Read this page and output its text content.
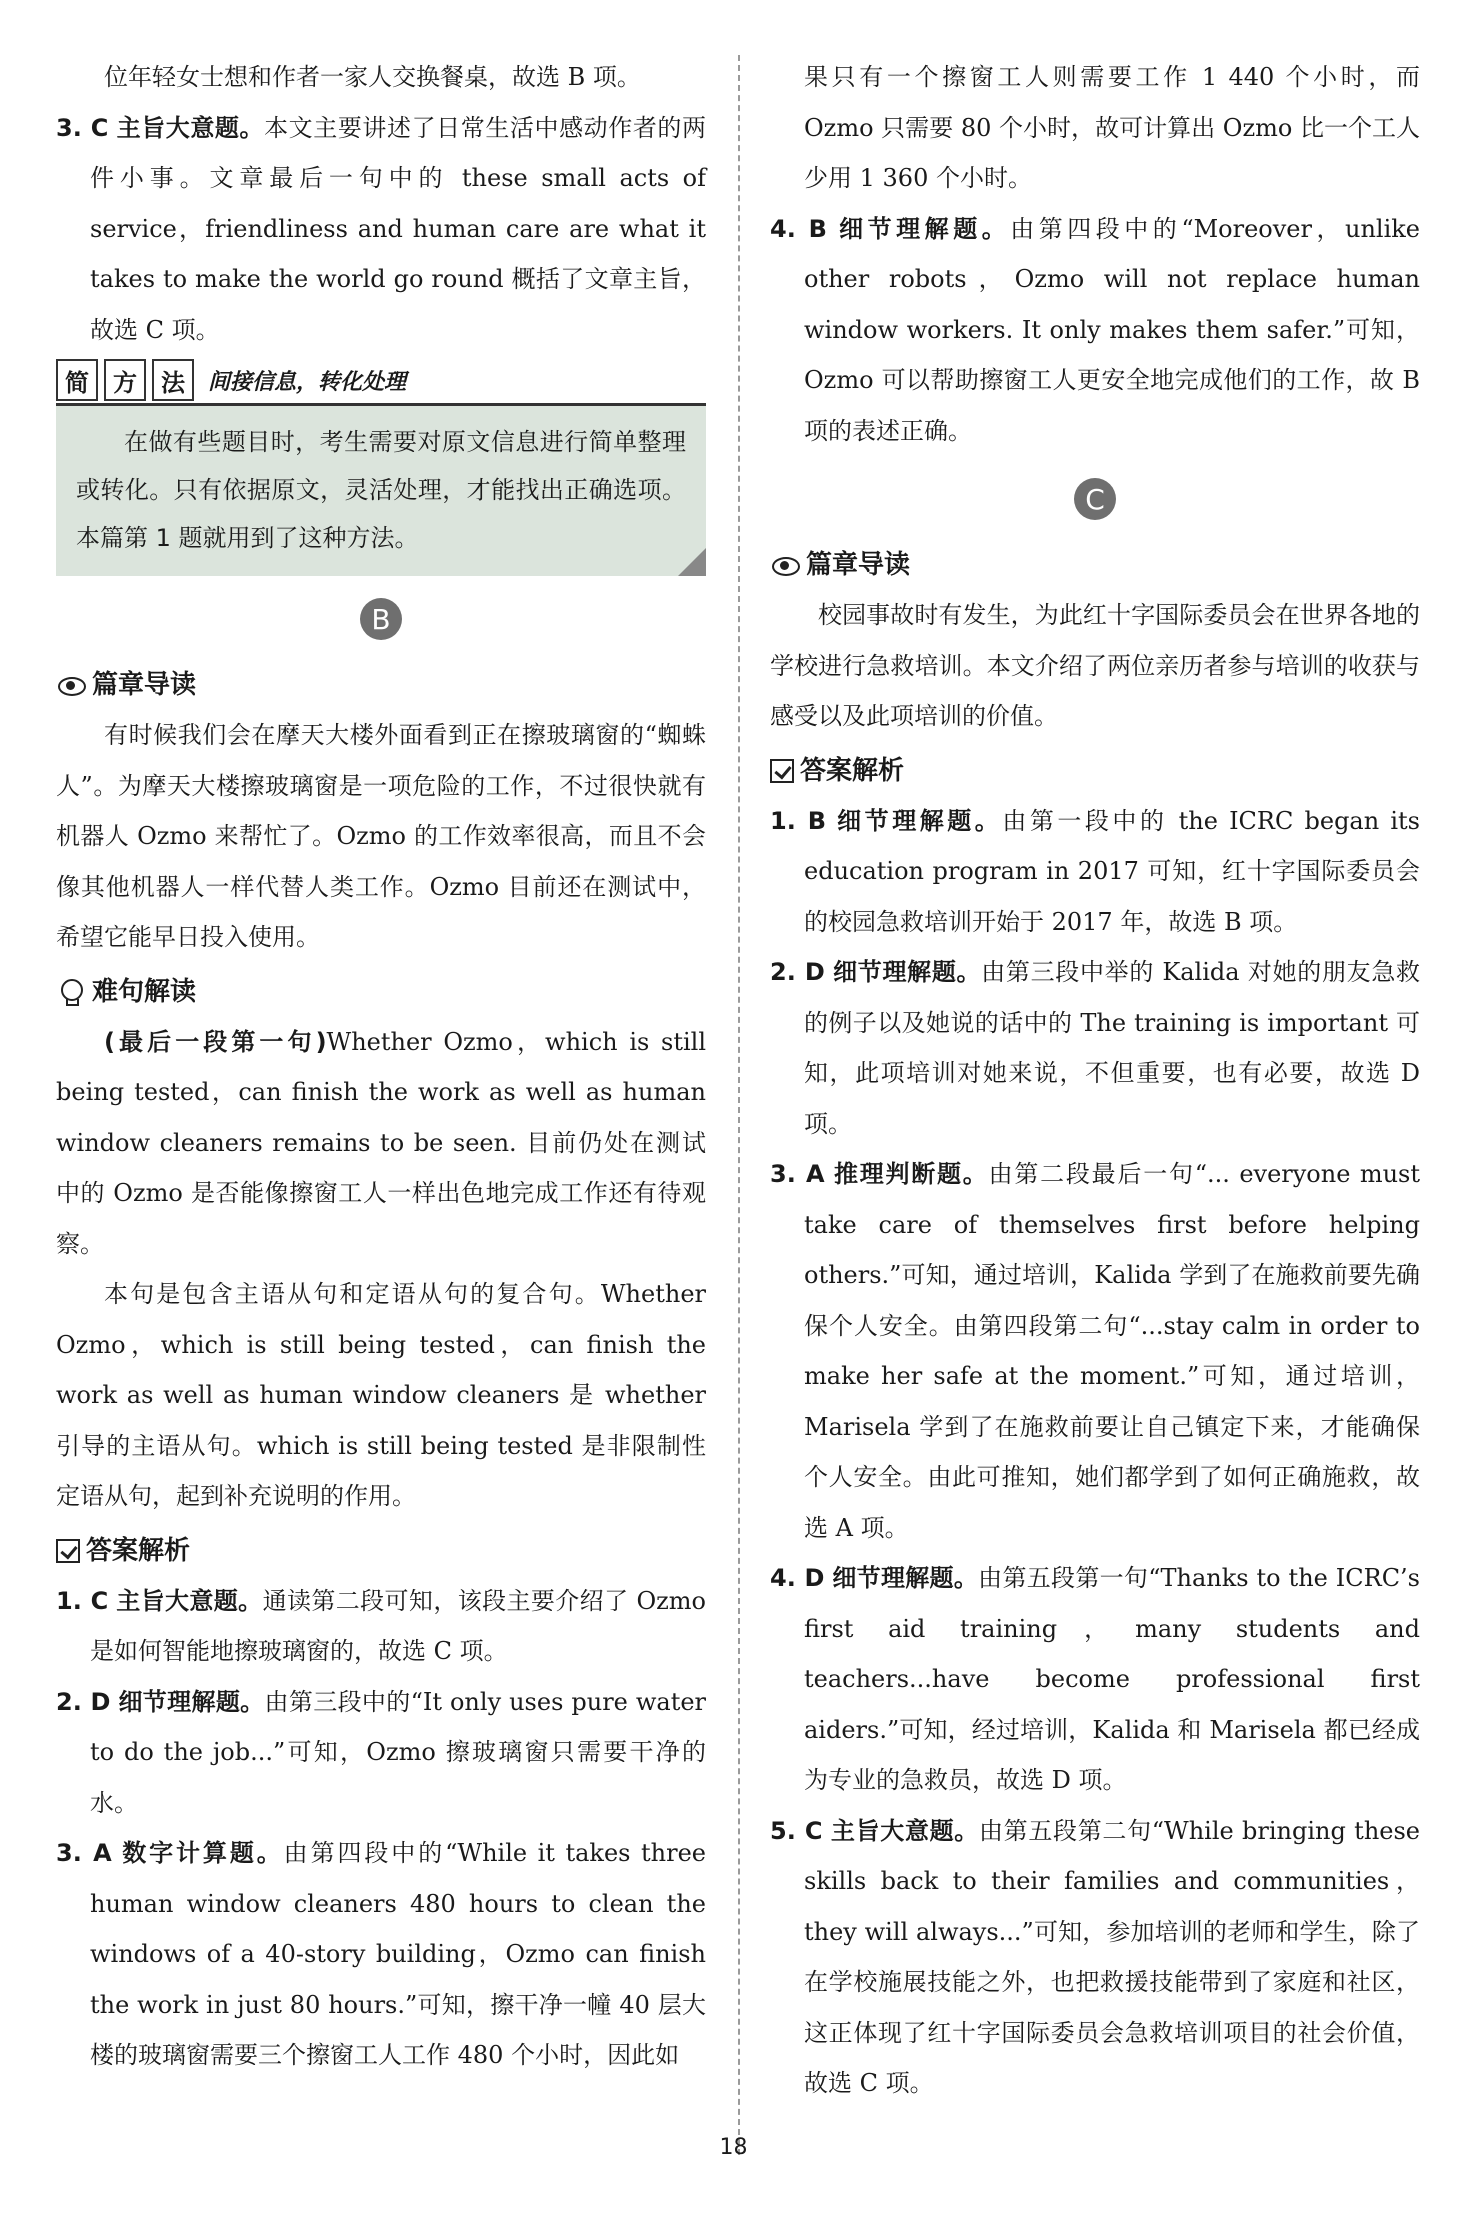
位年轻女士想和作者一家人交换餐桌，故选 B 项。

3. C 主旨大意题。本文主要讲述了日常生活中感动作者的两件小事。文章最后一句中的 these small acts of service，friendliness and human care are what it takes to make the world go round 概括了文章主旨，故选 C 项。

简	方	法	间接信息，转化处理
在做有些题目时，考生需要对原文信息进行简单整理或转化。只有依据原文，灵活处理，才能找出正确选项。本篇第 1 题就用到了这种方法。
B
篇章导读

有时候我们会在摩天大楼外面看到正在擦玻璃窗的“蜘蛛人”。为摩天大楼擦玻璃窗是一项危险的工作，不过很快就有机器人 Ozmo 来帮忙了。Ozmo 的工作效率很高，而且不会像其他机器人一样代替人类工作。Ozmo 目前还在测试中，希望它能早日投入使用。

难句解读

(最后一段第一句)Whether Ozmo，which is still being tested，can finish the work as well as human window cleaners remains to be seen. 目前仍处在测试中的 Ozmo 是否能像擦窗工人一样出色地完成工作还有待观察。

本句是包含主语从句和定语从句的复合句。Whether Ozmo，which is still being tested，can finish the work as well as human window cleaners 是 whether 引导的主语从句。which is still being tested 是非限制性定语从句，起到补充说明的作用。

答案解析

1. C 主旨大意题。通读第二段可知，该段主要介绍了 Ozmo 是如何智能地擦玻璃窗的，故选 C 项。

2. D 细节理解题。由第三段中的“It only uses pure water to do the job...”可知，Ozmo 擦玻璃窗只需要干净的水。

3. A 数字计算题。由第四段中的“While it takes three human window cleaners 480 hours to clean the windows of a 40-story building，Ozmo can finish the work in just 80 hours.”可知，擦干净一幢 40 层大楼的玻璃窗需要三个擦窗工人工作 480 个小时，因此如

果只有一个擦窗工人则需要工作 1 440 个小时，而 Ozmo 只需要 80 个小时，故可计算出 Ozmo 比一个工人少用 1 360 个小时。

4. B 细节理解题。由第四段中的“Moreover，unlike other robots，Ozmo will not replace human window workers. It only makes them safer.”可知，Ozmo 可以帮助擦窗工人更安全地完成他们的工作，故 B 项的表述正确。

C
篇章导读

校园事故时有发生，为此红十字国际委员会在世界各地的学校进行急救培训。本文介绍了两位亲历者参与培训的收获与感受以及此项培训的价值。

答案解析

1. B 细节理解题。由第一段中的 the ICRC began its education program in 2017 可知，红十字国际委员会的校园急救培训开始于 2017 年，故选 B 项。

2. D 细节理解题。由第三段中举的 Kalida 对她的朋友急救的例子以及她说的话中的 The training is important 可知，此项培训对她来说，不但重要，也有必要，故选 D 项。

3. A 推理判断题。由第二段最后一句“... everyone must take care of themselves first before helping others.”可知，通过培训，Kalida 学到了在施救前要先确保个人安全。由第四段第二句“...stay calm in order to make her safe at the moment.”可知，通过培训，Marisela 学到了在施救前要让自己镇定下来，才能确保个人安全。由此可推知，她们都学到了如何正确施救，故选 A 项。

4. D 细节理解题。由第五段第一句“Thanks to the ICRC’s first aid training，many students and teachers...have become professional first aiders.”可知，经过培训，Kalida 和 Marisela 都已经成为专业的急救员，故选 D 项。

5. C 主旨大意题。由第五段第二句“While bringing these skills back to their families and communities，they will always...”可知，参加培训的老师和学生，除了在学校施展技能之外，也把救援技能带到了家庭和社区，这正体现了红十字国际委员会急救培训项目的社会价值，故选 C 项。

18
